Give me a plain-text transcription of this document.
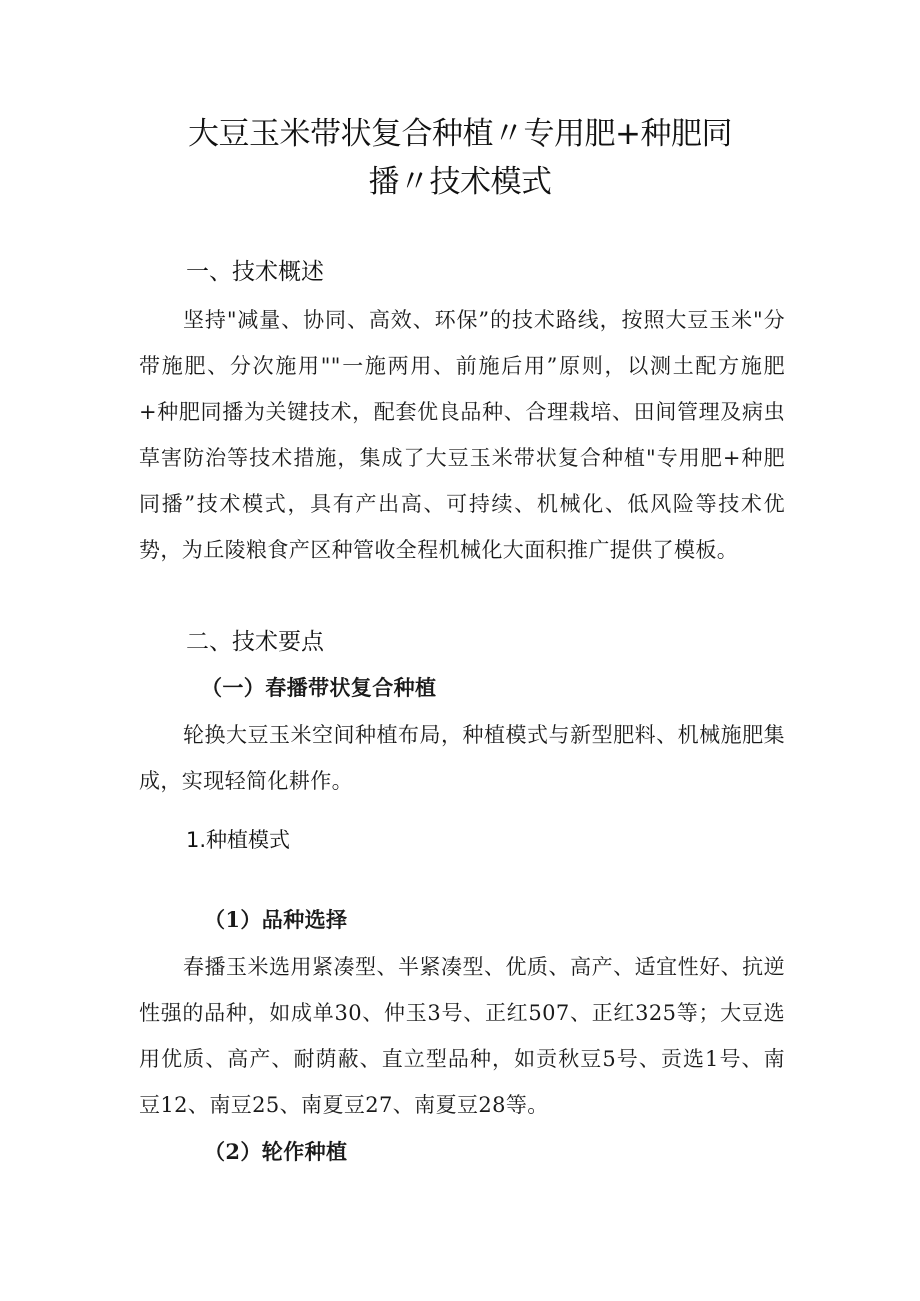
大豆玉米带状复合种植〃专用肥+种肥同
播〃技术模式
一、技术概述

坚持"减量、协同、高效、环保”的技术路线，按照大豆玉米"分带施肥、分次施用""一施两用、前施后用”原则，以测土配方施肥+种肥同播为关键技术，配套优良品种、合理栽培、田间管理及病虫草害防治等技术措施，集成了大豆玉米带状复合种植"专用肥+种肥同播”技术模式，具有产出高、可持续、机械化、低风险等技术优势，为丘陵粮食产区种管收全程机械化大面积推广提供了模板。

二、技术要点
（一）春播带状复合种植

轮换大豆玉米空间种植布局，种植模式与新型肥料、机械施肥集成，实现轻简化耕作。

1.种植模式
（1）品种选择

春播玉米选用紧凑型、半紧凑型、优质、高产、适宜性好、抗逆性强的品种，如成单30、仲玉3号、正红507、正红325等；大豆选用优质、高产、耐荫蔽、直立型品种，如贡秋豆5号、贡选1号、南豆12、南豆25、南夏豆27、南夏豆28等。

（2）轮作种植
